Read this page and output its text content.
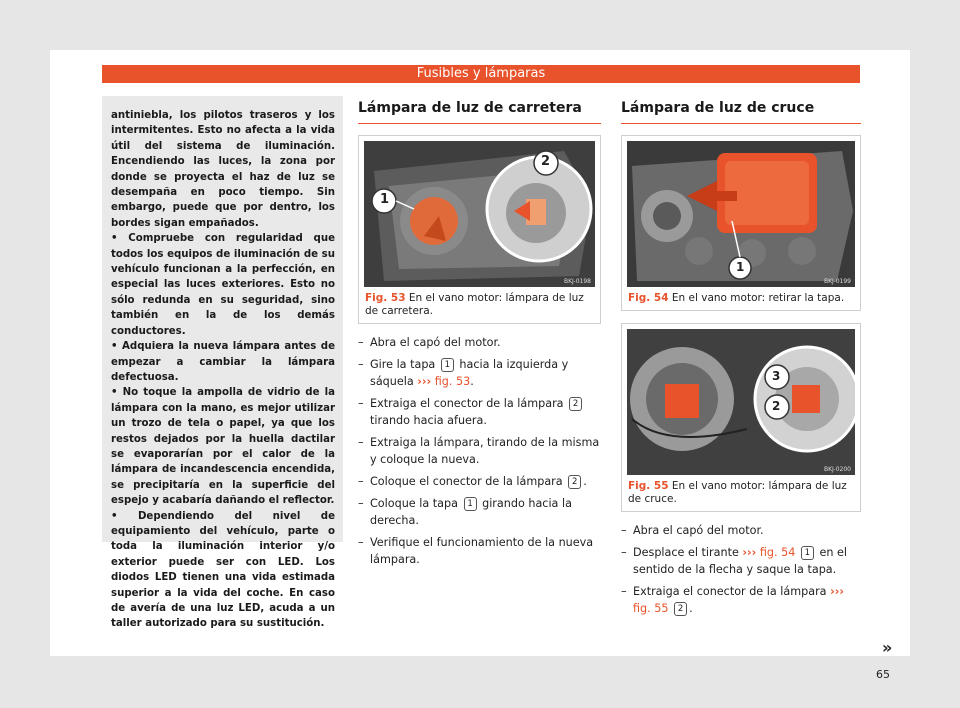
Fusibles y lámparas

antiniebla, los pilotos traseros y los intermitentes. Esto no afecta a la vida útil del sistema de iluminación. Encendiendo las luces, la zona por donde se proyecta el haz de luz se desempaña en poco tiempo. Sin embargo, puede que por dentro, los bordes sigan empañados.

• Compruebe con regularidad que todos los equipos de iluminación de su vehículo funcionan a la perfección, en especial las luces exteriores. Esto no sólo redunda en su seguridad, sino también en la de los demás conductores.

• Adquiera la nueva lámpara antes de empezar a cambiar la lámpara defectuosa.

• No toque la ampolla de vidrio de la lámpara con la mano, es mejor utilizar un trozo de tela o papel, ya que los restos dejados por la huella dactilar se evaporarían por el calor de la lámpara de incandescencia encendida, se precipitaría en la superficie del espejo y acabaría dañando el reflector.

• Dependiendo del nivel de equipamiento del vehículo, parte o toda la iluminación interior y/o exterior puede ser con LED. Los diodos LED tienen una vida estimada superior a la vida del coche. En caso de avería de una luz LED, acuda a un taller autorizado para su sustitución.

Lámpara de luz de carretera
2
1
BKJ-0198
Fig. 53 En el vano motor: lámpara de luz de carretera.
– Abra el capó del motor.
– Gire la tapa 1 hacia la izquierda y sáquela ››› fig. 53.
– Extraiga el conector de la lámpara 2 tirando hacia afuera.
– Extraiga la lámpara, tirando de la misma y coloque la nueva.
– Coloque el conector de la lámpara 2 .
– Coloque la tapa 1 girando hacia la derecha.
– Verifique el funcionamiento de la nueva lámpara.
Lámpara de luz de cruce
1
BKJ-0199
Fig. 54 En el vano motor: retirar la tapa.
3
2
BKJ-0200
Fig. 55 En el vano motor: lámpara de luz de cruce.
– Abra el capó del motor.
– Desplace el tirante ››› fig. 54 1 en el sentido de la flecha y saque la tapa.
– Extraiga el conector de la lámpara ››› fig. 55 2 .
»
65
